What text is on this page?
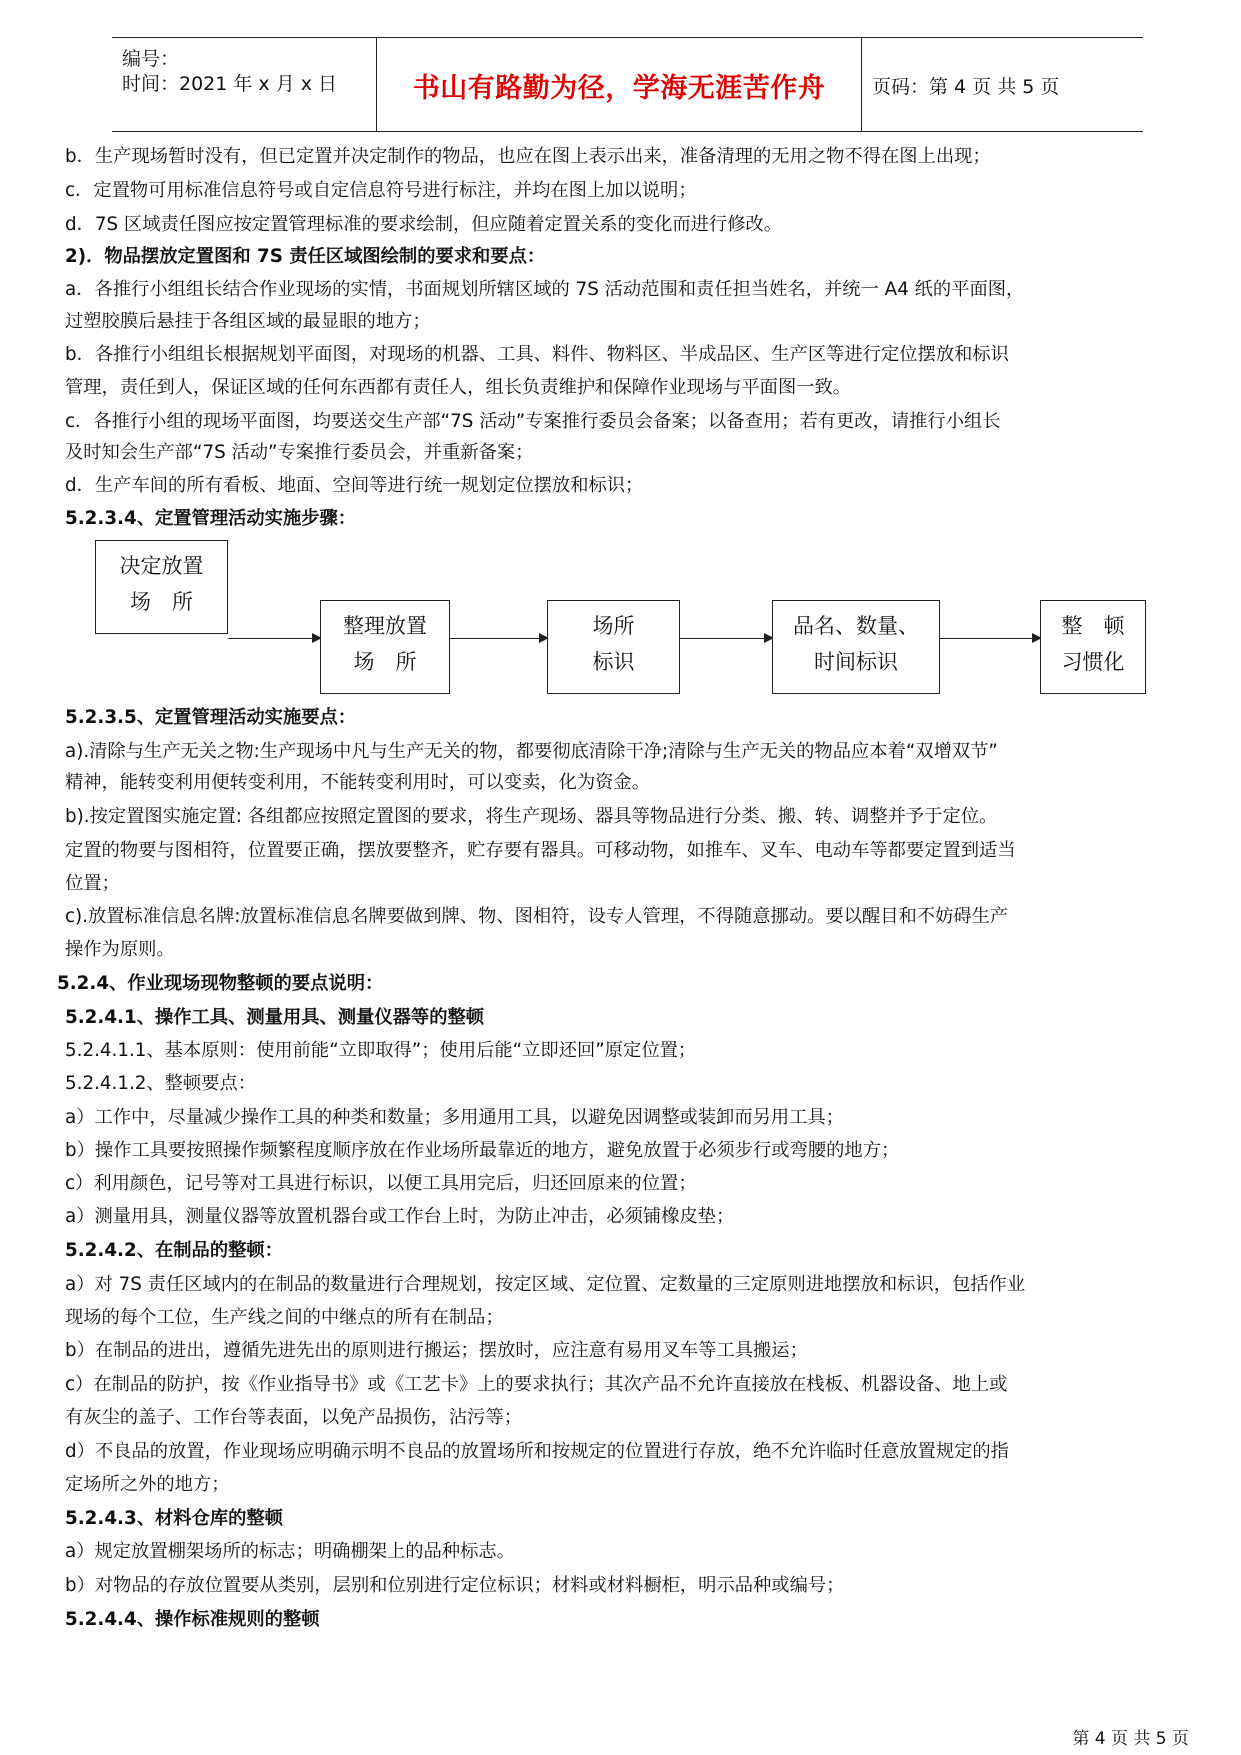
编号：
时间：2021 年 x 月 x 日	书山有路勤为径，学海无涯苦作舟	页码：第 4 页 共 5 页
b．生产现场暂时没有，但已定置并决定制作的物品，也应在图上表示出来，准备清理的无用之物不得在图上出现；
c．定置物可用标准信息符号或自定信息符号进行标注，并均在图上加以说明；
d．7S 区域责任图应按定置管理标准的要求绘制，但应随着定置关系的变化而进行修改。
2)．物品摆放定置图和 7S 责任区域图绘制的要求和要点：
a．各推行小组组长结合作业现场的实情，书面规划所辖区域的 7S 活动范围和责任担当姓名，并统一 A4 纸的平面图，
过塑胶膜后悬挂于各组区域的最显眼的地方；
b．各推行小组组长根据规划平面图，对现场的机器、工具、料件、物料区、半成品区、生产区等进行定位摆放和标识
管理，责任到人，保证区域的任何东西都有责任人，组长负责维护和保障作业现场与平面图一致。
c．各推行小组的现场平面图，均要送交生产部“7S 活动”专案推行委员会备案；以备查用；若有更改，请推行小组长
及时知会生产部“7S 活动”专案推行委员会，并重新备案；
d．生产车间的所有看板、地面、空间等进行统一规划定位摆放和标识；
5.2.3.4、定置管理活动实施步骤：
决定放置
场　所
整理放置
场　所
场所
标识
品名、数量、
时间标识
整　顿
习惯化
5.2.3.5、定置管理活动实施要点：
a).清除与生产无关之物:生产现场中凡与生产无关的物，都要彻底清除干净;清除与生产无关的物品应本着“双增双节”
精神，能转变利用便转变利用，不能转变利用时，可以变卖，化为资金。
b).按定置图实施定置: 各组都应按照定置图的要求，将生产现场、器具等物品进行分类、搬、转、调整并予于定位。
定置的物要与图相符，位置要正确，摆放要整齐，贮存要有器具。可移动物，如推车、叉车、电动车等都要定置到适当
位置；
c).放置标准信息名牌:放置标准信息名牌要做到牌、物、图相符，设专人管理，不得随意挪动。要以醒目和不妨碍生产
操作为原则。
5.2.4、作业现场现物整顿的要点说明：
5.2.4.1、操作工具、测量用具、测量仪器等的整顿
5.2.4.1.1、基本原则：使用前能“立即取得”；使用后能“立即还回”原定位置；
5.2.4.1.2、整顿要点：
a）工作中，尽量减少操作工具的种类和数量；多用通用工具，以避免因调整或装卸而另用工具；
b）操作工具要按照操作频繁程度顺序放在作业场所最靠近的地方，避免放置于必须步行或弯腰的地方；
c）利用颜色，记号等对工具进行标识，以便工具用完后，归还回原来的位置；
a）测量用具，测量仪器等放置机器台或工作台上时，为防止冲击，必须铺橡皮垫；
5.2.4.2、在制品的整顿：
a）对 7S 责任区域内的在制品的数量进行合理规划，按定区域、定位置、定数量的三定原则进地摆放和标识，包括作业
现场的每个工位，生产线之间的中继点的所有在制品；
b）在制品的进出，遵循先进先出的原则进行搬运；摆放时，应注意有易用叉车等工具搬运；
c）在制品的防护，按《作业指导书》或《工艺卡》上的要求执行；其次产品不允许直接放在栈板、机器设备、地上或
有灰尘的盖子、工作台等表面，以免产品损伤，沾污等；
d）不良品的放置，作业现场应明确示明不良品的放置场所和按规定的位置进行存放，绝不允许临时任意放置规定的指
定场所之外的地方；
5.2.4.3、材料仓库的整顿
a）规定放置棚架场所的标志；明确棚架上的品种标志。
b）对物品的存放位置要从类别，层别和位别进行定位标识；材料或材料橱柜，明示品种或编号；
5.2.4.4、操作标准规则的整顿
第 4 页 共 5 页
